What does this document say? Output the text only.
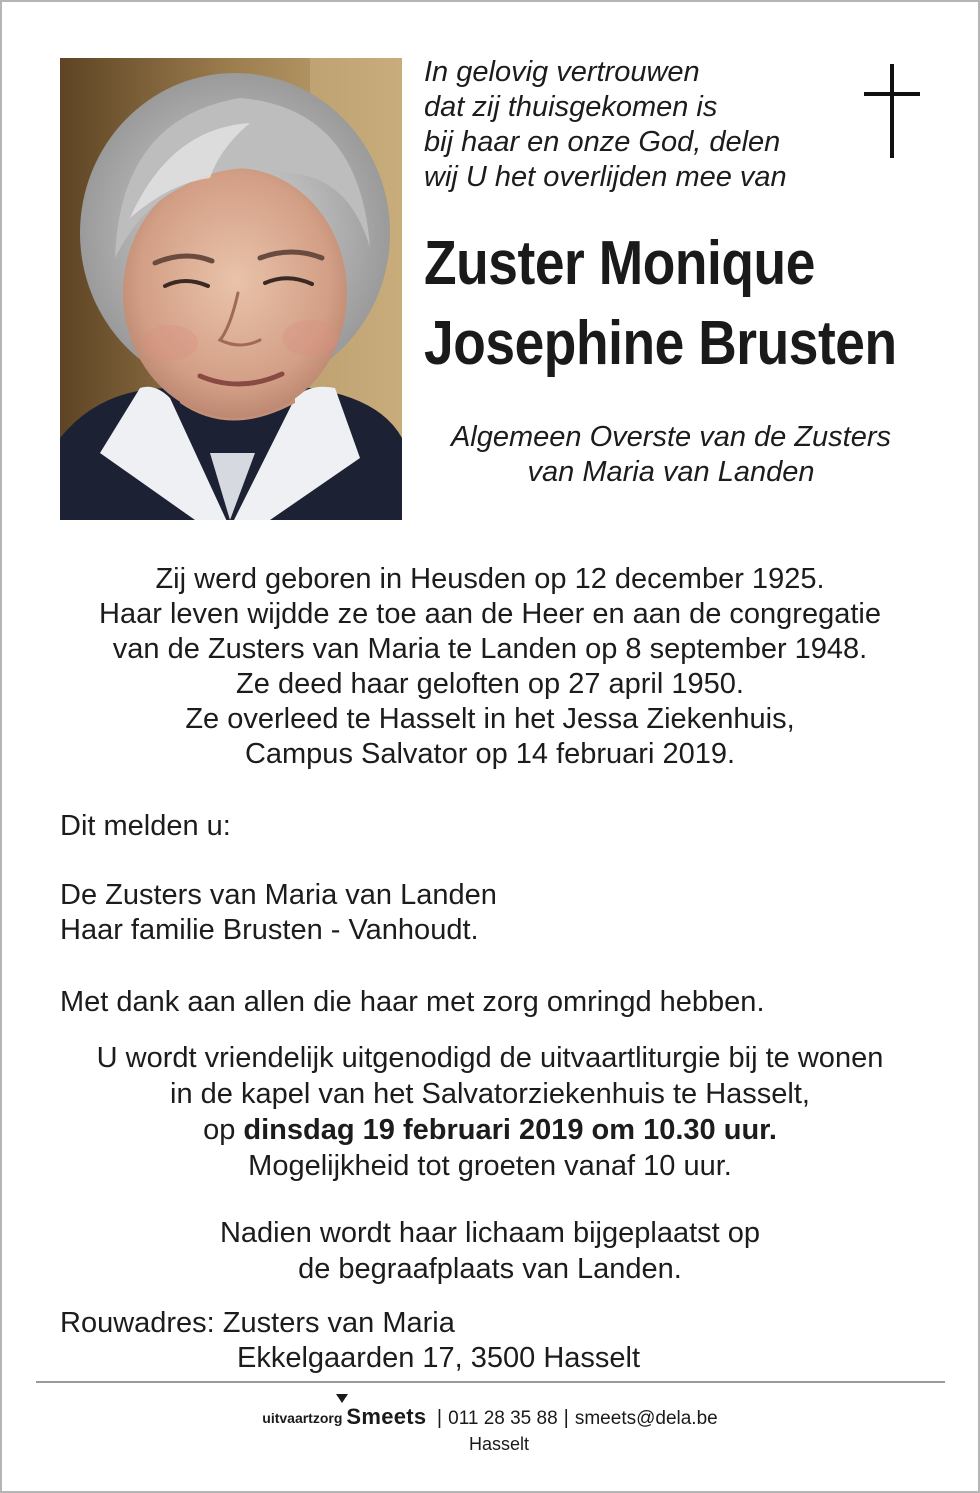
In gelovig vertrouwen
dat zij thuisgekomen is
bij haar en onze God, delen
wij U het overlijden mee van
Zuster Monique
Josephine Brusten
Algemeen Overste van de Zusters
van Maria van Landen
Zij werd geboren in Heusden op 12 december 1925.
Haar leven wijdde ze toe aan de Heer en aan de congregatie
van de Zusters van Maria te Landen op 8 september 1948.
Ze deed haar geloften op 27 april 1950.
Ze overleed te Hasselt in het Jessa Ziekenhuis,
Campus Salvator op 14 februari 2019.
Dit melden u:
De Zusters van Maria van Landen
Haar familie Brusten - Vanhoudt.
Met dank aan allen die haar met zorg omringd hebben.
U wordt vriendelijk uitgenodigd de uitvaartliturgie bij te wonen
in de kapel van het Salvatorziekenhuis te Hasselt,
op dinsdag 19 februari 2019 om 10.30 uur.
Mogelijkheid tot groeten vanaf 10 uur.
Nadien wordt haar lichaam bijgeplaatst op
de begraafplaats van Landen.
Rouwadres: Zusters van Maria
Ekkelgaarden 17, 3500 Hasselt
uitvaartzorg Smeets | 011 28 35 88 | smeets@dela.be
Hasselt
